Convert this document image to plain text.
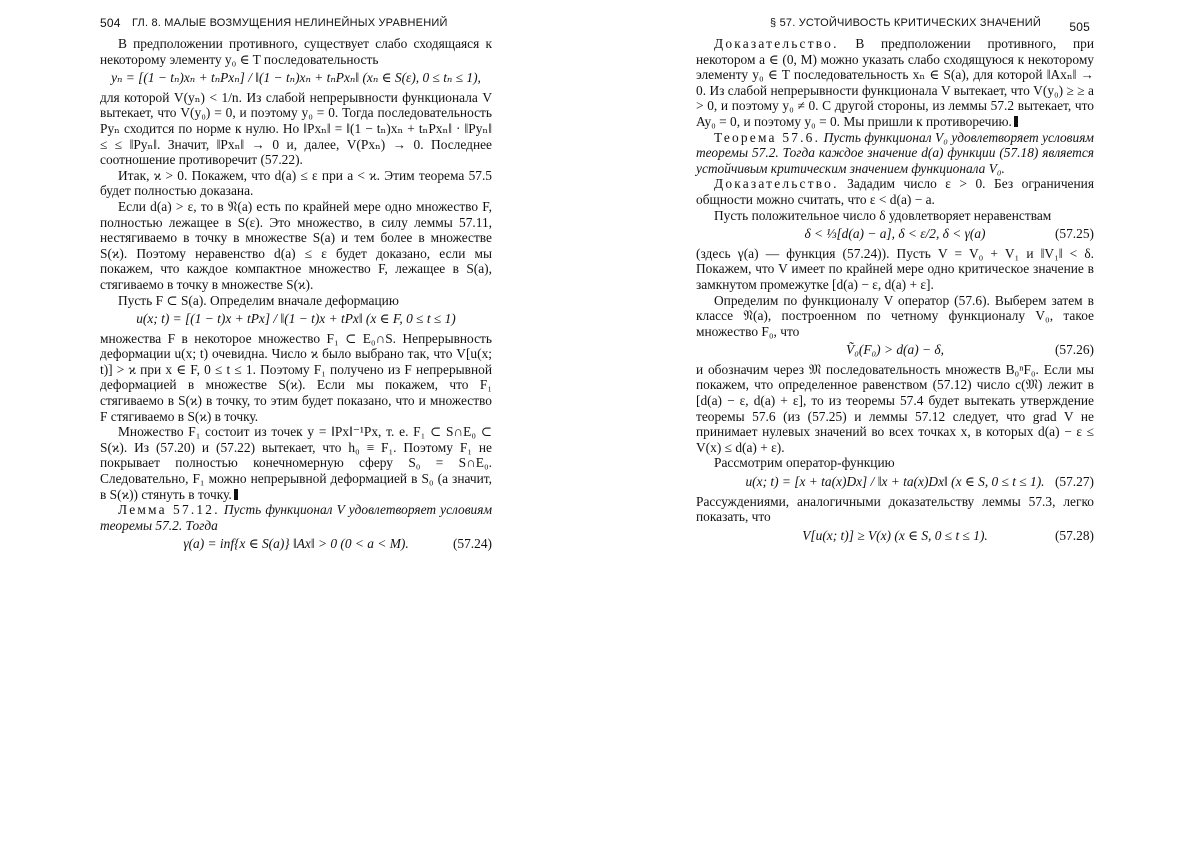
504 ГЛ. 8. МАЛЫЕ ВОЗМУЩЕНИЯ НЕЛИНЕЙНЫХ УРАВНЕНИЙ

В предположении противного, существует слабо сходящаяся к некоторому элементу y₀ ∈ T последовательность

yₙ = [(1 − tₙ)xₙ + tₙPxₙ] / ‖(1 − tₙ)xₙ + tₙPxₙ‖ (xₙ ∈ S(ε), 0 ≤ tₙ ≤ 1),

для которой V(yₙ) < 1/n. Из слабой непрерывности функционала V вытекает, что V(y₀) = 0, и поэтому y₀ = 0. Тогда последовательность Pyₙ сходится по норме к нулю. Но ‖Pxₙ‖ = ‖(1 − tₙ)xₙ + tₙPxₙ‖ · ‖Pyₙ‖ ≤ ≤ ‖Pyₙ‖. Значит, ‖Pxₙ‖ → 0 и, далее, V(Pxₙ) → 0. Последнее соотношение противоречит (57.22).

Итак, ϰ > 0. Покажем, что d(a) ≤ ε при a < ϰ. Этим теорема 57.5 будет полностью доказана.

Если d(a) > ε, то в 𝔑(a) есть по крайней мере одно множество F, полностью лежащее в S(ε). Это множество, в силу леммы 57.11, нестягиваемо в точку в множестве S(a) и тем более в множестве S(ϰ). Поэтому неравенство d(a) ≤ ε будет доказано, если мы покажем, что каждое компактное множество F, лежащее в S(a), стягиваемо в точку в множестве S(ϰ).

Пусть F ⊂ S(a). Определим вначале деформацию

u(x; t) = [(1 − t)x + tPx] / ‖(1 − t)x + tPx‖ (x ∈ F, 0 ≤ t ≤ 1)

множества F в некоторое множество F₁ ⊂ E₀∩S. Непрерывность деформации u(x; t) очевидна. Число ϰ было выбрано так, что V[u(x; t)] > ϰ при x ∈ F, 0 ≤ t ≤ 1. Поэтому F₁ получено из F непрерывной деформацией в множестве S(ϰ). Если мы покажем, что F₁ стягиваемо в S(ϰ) в точку, то этим будет показано, что и множество F стягиваемо в S(ϰ) в точку.

Множество F₁ состоит из точек y = ‖Px‖⁻¹Px, т. е. F₁ ⊂ S∩E₀ ⊂ S(ϰ). Из (57.20) и (57.22) вытекает, что h₀ ≡ F₁. Поэтому F₁ не покрывает полностью конечномерную сферу S₀ = S∩E₀. Следовательно, F₁ можно непрерывной деформацией в S₀ (а значит, в S(ϰ)) стянуть в точку.

Лемма 57.12. Пусть функционал V удовлетворяет условиям теоремы 57.2. Тогда

γ(a) = inf{x ∈ S(a)} ‖Ax‖ > 0 (0 < a < M).	(57.24)
§ 57. УСТОЙЧИВОСТЬ КРИТИЧЕСКИХ ЗНАЧЕНИЙ 505

Доказательство. В предположении противного, при некотором a ∈ (0, M) можно указать слабо сходящуюся к некоторому элементу y₀ ∈ T последовательность xₙ ∈ S(a), для которой ‖Axₙ‖ → 0. Из слабой непрерывности функционала V вытекает, что V(y₀) ≥ ≥ a > 0, и поэтому y₀ ≠ 0. С другой стороны, из леммы 57.2 вытекает, что Ay₀ = 0, и поэтому y₀ = 0. Мы пришли к противоречию.

Теорема 57.6. Пусть функционал V₀ удовлетворяет условиям теоремы 57.2. Тогда каждое значение d(a) функции (57.18) является устойчивым критическим значением функционала V₀.

Доказательство. Зададим число ε > 0. Без ограничения общности можно считать, что ε < d(a) − a.

Пусть положительное число δ удовлетворяет неравенствам

δ < ⅓[d(a) − a], δ < ε/2, δ < γ(a)	(57.25)

(здесь γ(a) — функция (57.24)). Пусть V = V₀ + V₁ и ‖V₁‖ < δ. Покажем, что V имеет по крайней мере одно критическое значение в замкнутом промежутке [d(a) − ε, d(a) + ε].

Определим по функционалу V оператор (57.6). Выберем затем в классе 𝔑(a), построенном по четному функционалу V₀, такое множество F₀, что

Ṽ₀(F₀) > d(a) − δ,	(57.26)

и обозначим через 𝔐 последовательность множеств B₀ⁿF₀. Если мы покажем, что определенное равенством (57.12) число c(𝔐) лежит в [d(a) − ε, d(a) + ε], то из теоремы 57.4 будет вытекать утверждение теоремы 57.6 (из (57.25) и леммы 57.12 следует, что grad V не принимает нулевых значений во всех точках x, в которых d(a) − ε ≤ V(x) ≤ d(a) + ε).

Рассмотрим оператор-функцию

u(x; t) = [x + ta(x)Dx] / ‖x + ta(x)Dx‖ (x ∈ S, 0 ≤ t ≤ 1). (57.27)

Рассуждениями, аналогичными доказательству леммы 57.3, легко показать, что

V[u(x; t)] ≥ V(x) (x ∈ S, 0 ≤ t ≤ 1).	(57.28)
